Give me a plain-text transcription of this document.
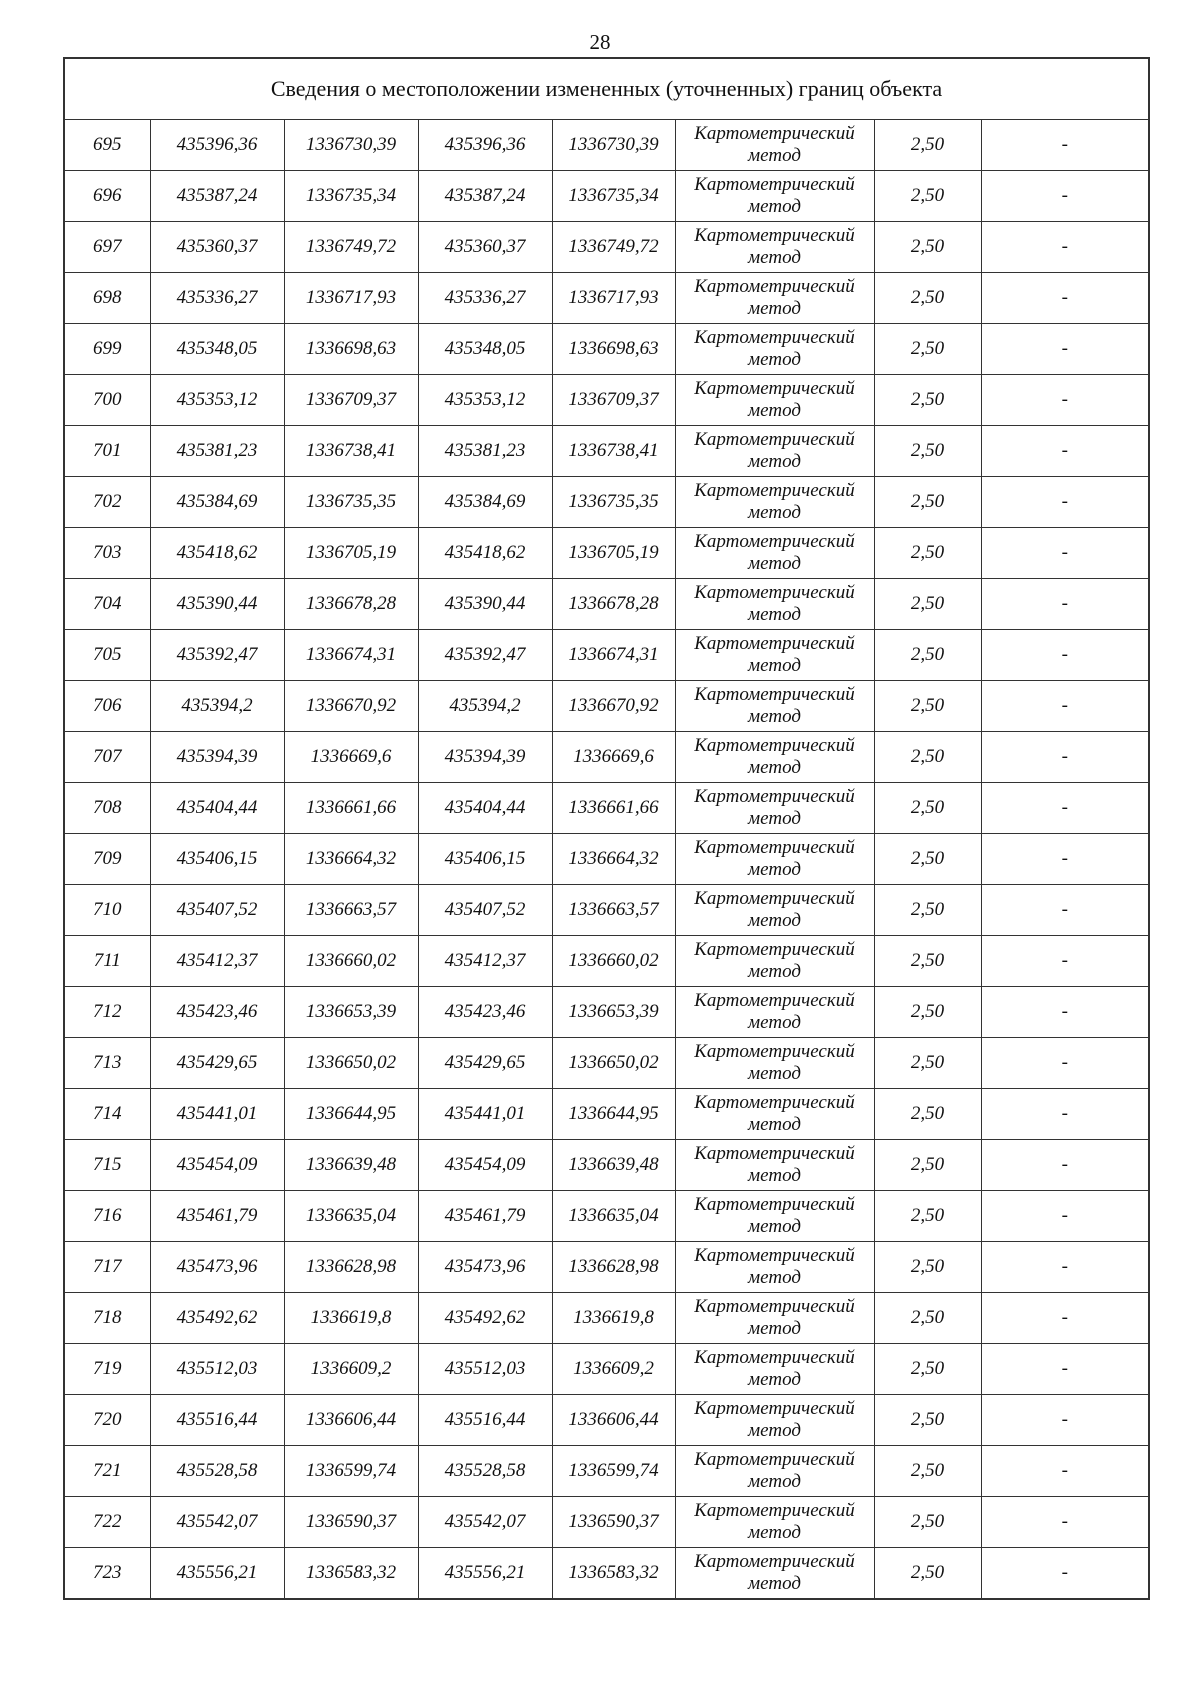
28
Сведения о местоположении измененных (уточненных) границ объекта							
695	435396,36	1336730,39	435396,36	1336730,39	Картометрический
метод	2,50	-
696	435387,24	1336735,34	435387,24	1336735,34	Картометрический
метод	2,50	-
697	435360,37	1336749,72	435360,37	1336749,72	Картометрический
метод	2,50	-
698	435336,27	1336717,93	435336,27	1336717,93	Картометрический
метод	2,50	-
699	435348,05	1336698,63	435348,05	1336698,63	Картометрический
метод	2,50	-
700	435353,12	1336709,37	435353,12	1336709,37	Картометрический
метод	2,50	-
701	435381,23	1336738,41	435381,23	1336738,41	Картометрический
метод	2,50	-
702	435384,69	1336735,35	435384,69	1336735,35	Картометрический
метод	2,50	-
703	435418,62	1336705,19	435418,62	1336705,19	Картометрический
метод	2,50	-
704	435390,44	1336678,28	435390,44	1336678,28	Картометрический
метод	2,50	-
705	435392,47	1336674,31	435392,47	1336674,31	Картометрический
метод	2,50	-
706	435394,2	1336670,92	435394,2	1336670,92	Картометрический
метод	2,50	-
707	435394,39	1336669,6	435394,39	1336669,6	Картометрический
метод	2,50	-
708	435404,44	1336661,66	435404,44	1336661,66	Картометрический
метод	2,50	-
709	435406,15	1336664,32	435406,15	1336664,32	Картометрический
метод	2,50	-
710	435407,52	1336663,57	435407,52	1336663,57	Картометрический
метод	2,50	-
711	435412,37	1336660,02	435412,37	1336660,02	Картометрический
метод	2,50	-
712	435423,46	1336653,39	435423,46	1336653,39	Картометрический
метод	2,50	-
713	435429,65	1336650,02	435429,65	1336650,02	Картометрический
метод	2,50	-
714	435441,01	1336644,95	435441,01	1336644,95	Картометрический
метод	2,50	-
715	435454,09	1336639,48	435454,09	1336639,48	Картометрический
метод	2,50	-
716	435461,79	1336635,04	435461,79	1336635,04	Картометрический
метод	2,50	-
717	435473,96	1336628,98	435473,96	1336628,98	Картометрический
метод	2,50	-
718	435492,62	1336619,8	435492,62	1336619,8	Картометрический
метод	2,50	-
719	435512,03	1336609,2	435512,03	1336609,2	Картометрический
метод	2,50	-
720	435516,44	1336606,44	435516,44	1336606,44	Картометрический
метод	2,50	-
721	435528,58	1336599,74	435528,58	1336599,74	Картометрический
метод	2,50	-
722	435542,07	1336590,37	435542,07	1336590,37	Картометрический
метод	2,50	-
723	435556,21	1336583,32	435556,21	1336583,32	Картометрический
метод	2,50	-
